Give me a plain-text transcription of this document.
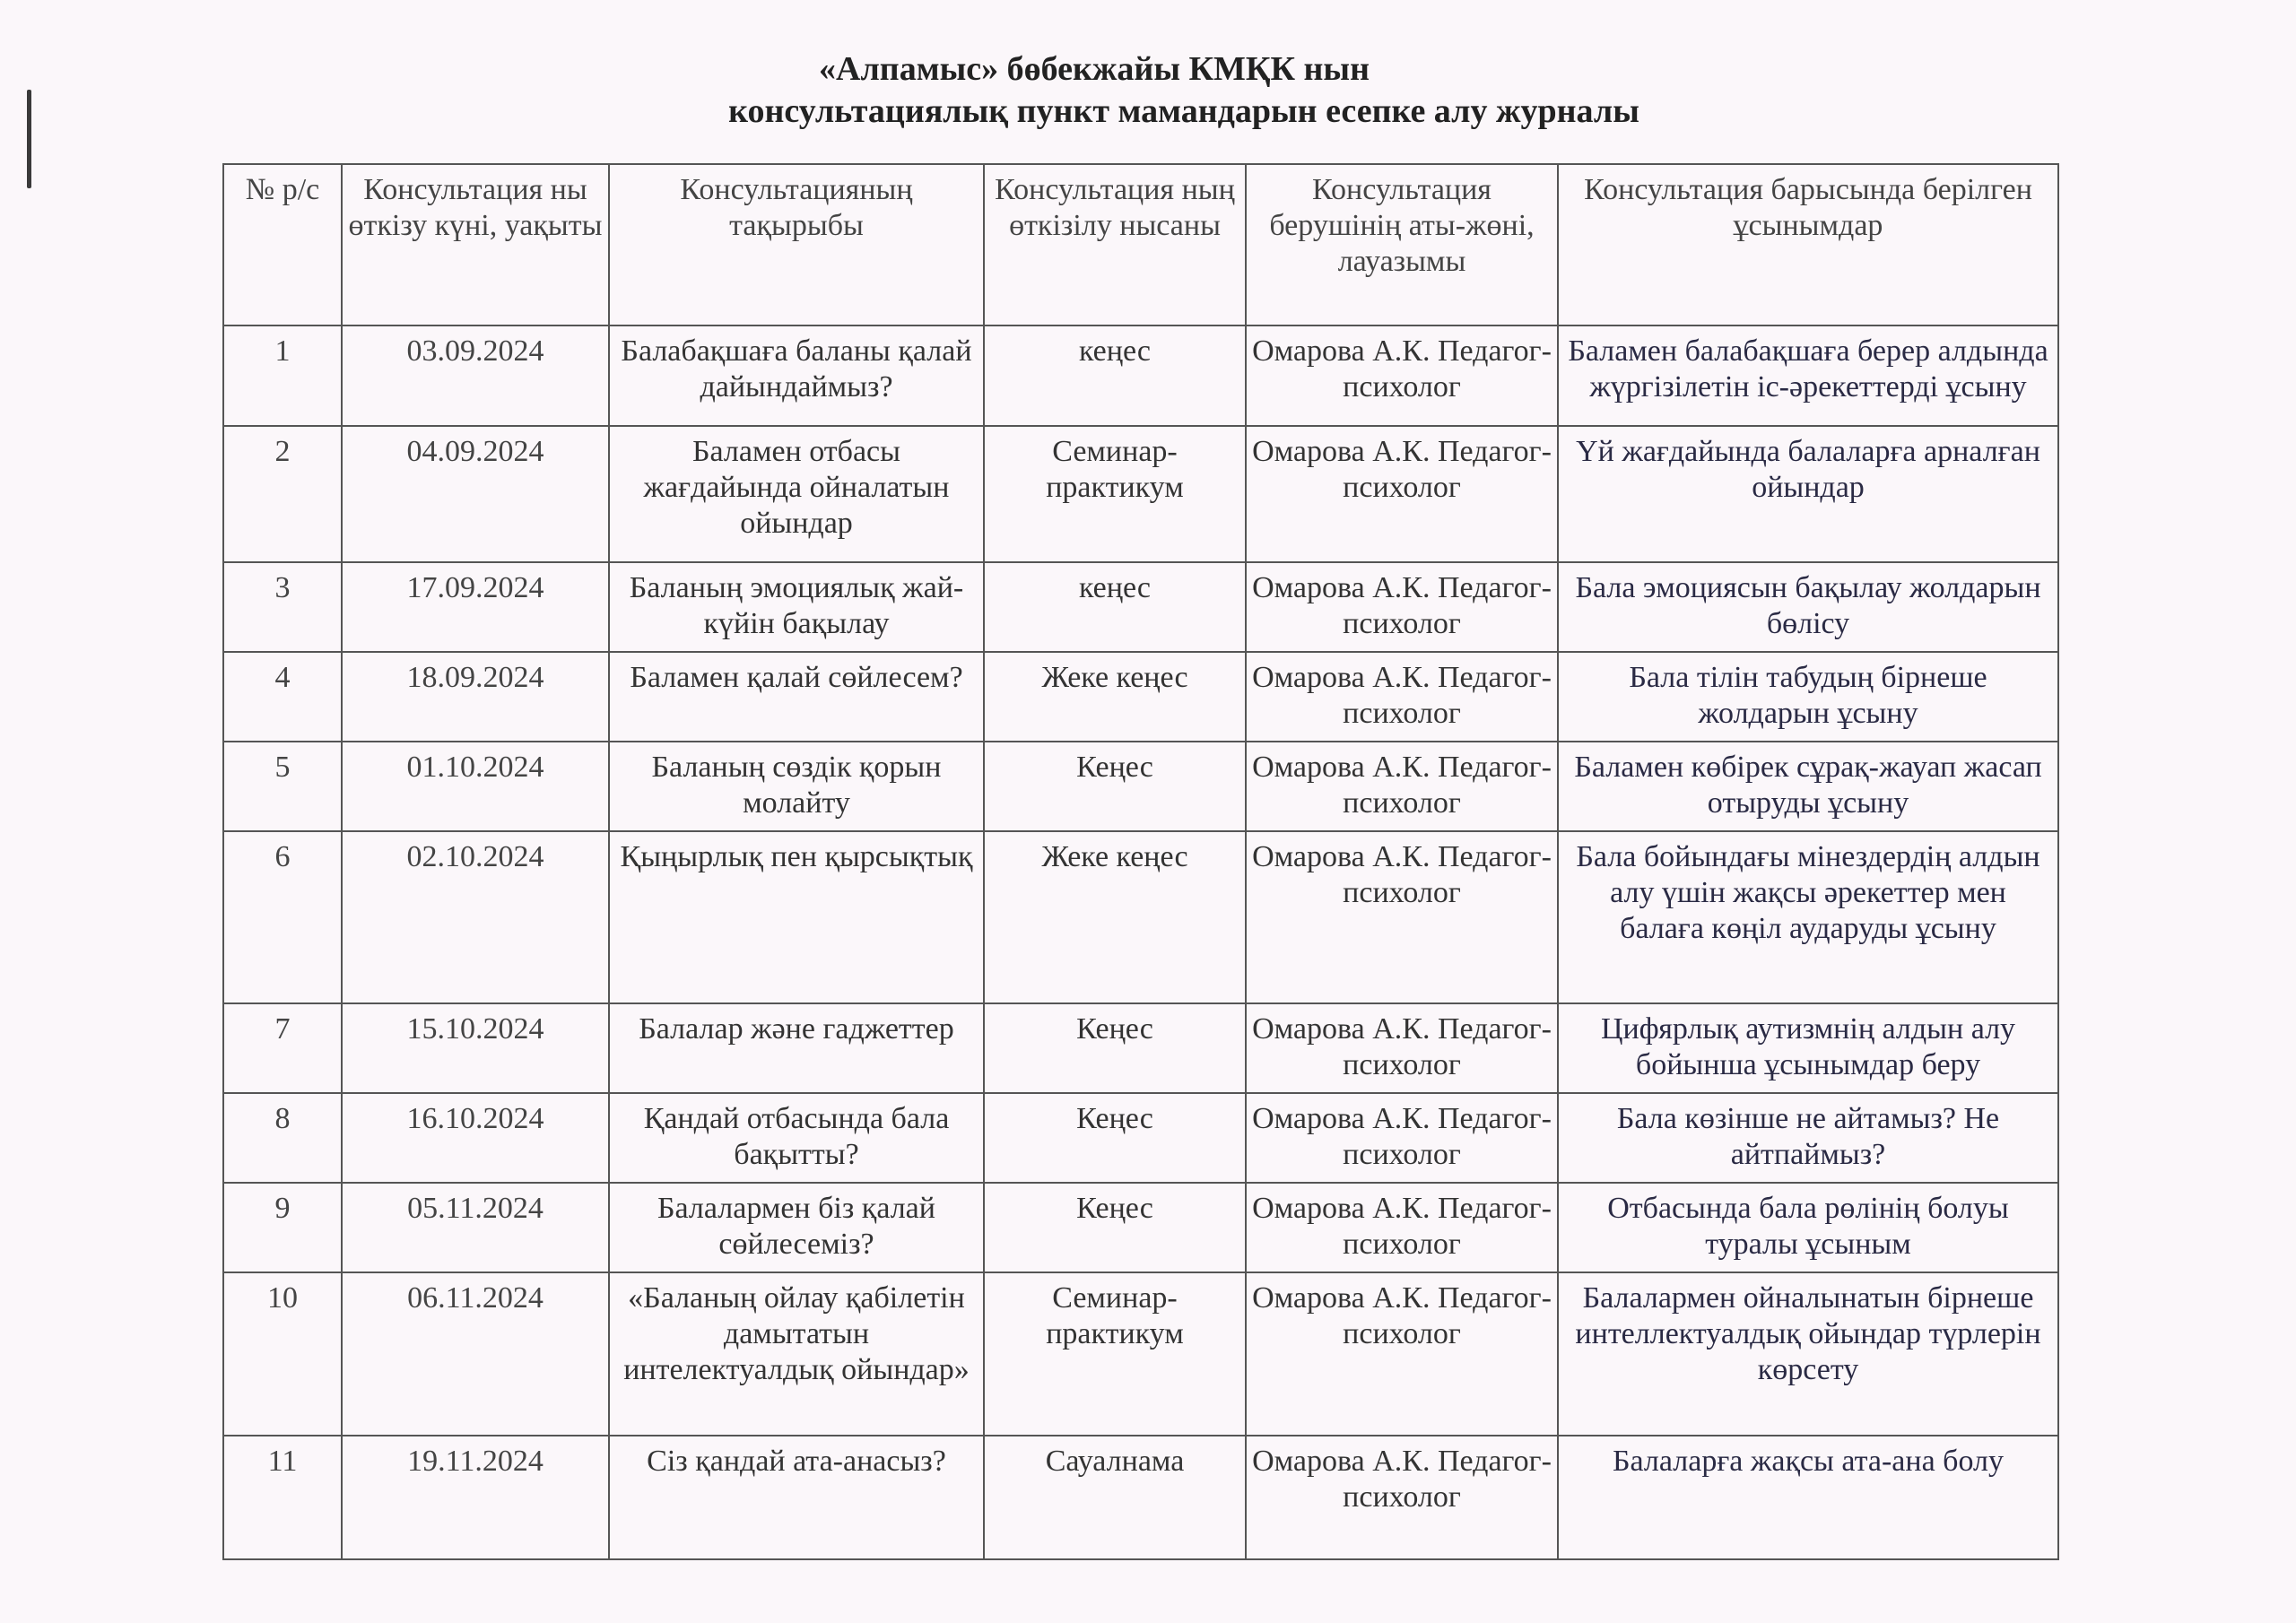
«Алпамыс» бөбекжайы КМҚК нын
консультациялық пункт мамандарын есепке алу журналы
№ р/с	Консультация ны өткізу күні, уақыты	Консультацияның тақырыбы	Консультация ның өткізілу нысаны	Консультация берушінің аты-жөні, лауазымы	Консультация барысында берілген ұсынымдар
1	03.09.2024	Балабақшаға баланы қалай дайындаймыз?	кеңес	Омарова А.К. Педагог-психолог	Баламен балабақшаға берер алдында жүргізілетін іс-әрекеттерді ұсыну
2	04.09.2024	Баламен отбасы жағдайында ойналатын ойындар	Семинар-практикум	Омарова А.К. Педагог-психолог	Үй жағдайында балаларға арналған ойындар
3	17.09.2024	Баланың эмоциялық жай-күйін бақылау	кеңес	Омарова А.К. Педагог-психолог	Бала эмоциясын бақылау жолдарын бөлісу
4	18.09.2024	Баламен қалай сөйлесем?	Жеке кеңес	Омарова А.К. Педагог-психолог	Бала тілін табудың бірнеше жолдарын ұсыну
5	01.10.2024	Баланың сөздік қорын молайту	Кеңес	Омарова А.К. Педагог-психолог	Баламен көбірек сұрақ-жауап жасап отыруды ұсыну
6	02.10.2024	Қыңырлық пен қырсықтық	Жеке кеңес	Омарова А.К. Педагог-психолог	Бала бойындағы мінездердің алдын алу үшін жақсы әрекеттер мен балаға көңіл аударуды ұсыну
7	15.10.2024	Балалар және гаджеттер	Кеңес	Омарова А.К. Педагог-психолог	Цифярлық аутизмнің алдын алу бойынша ұсынымдар беру
8	16.10.2024	Қандай отбасында бала бақытты?	Кеңес	Омарова А.К. Педагог-психолог	Бала көзінше не айтамыз? Не айтпаймыз?
9	05.11.2024	Балалармен біз қалай сөйлесеміз?	Кеңес	Омарова А.К. Педагог-психолог	Отбасында бала рөлінің болуы туралы ұсыным
10	06.11.2024	«Баланың ойлау қабілетін дамытатын интелектуалдық ойындар»	Семинар-практикум	Омарова А.К. Педагог-психолог	Балалармен ойналынатын бірнеше интеллектуалдық ойындар түрлерін көрсету
11	19.11.2024	Сіз қандай ата-анасыз?	Сауалнама	Омарова А.К. Педагог-психолог	Балаларға жақсы ата-ана болу
